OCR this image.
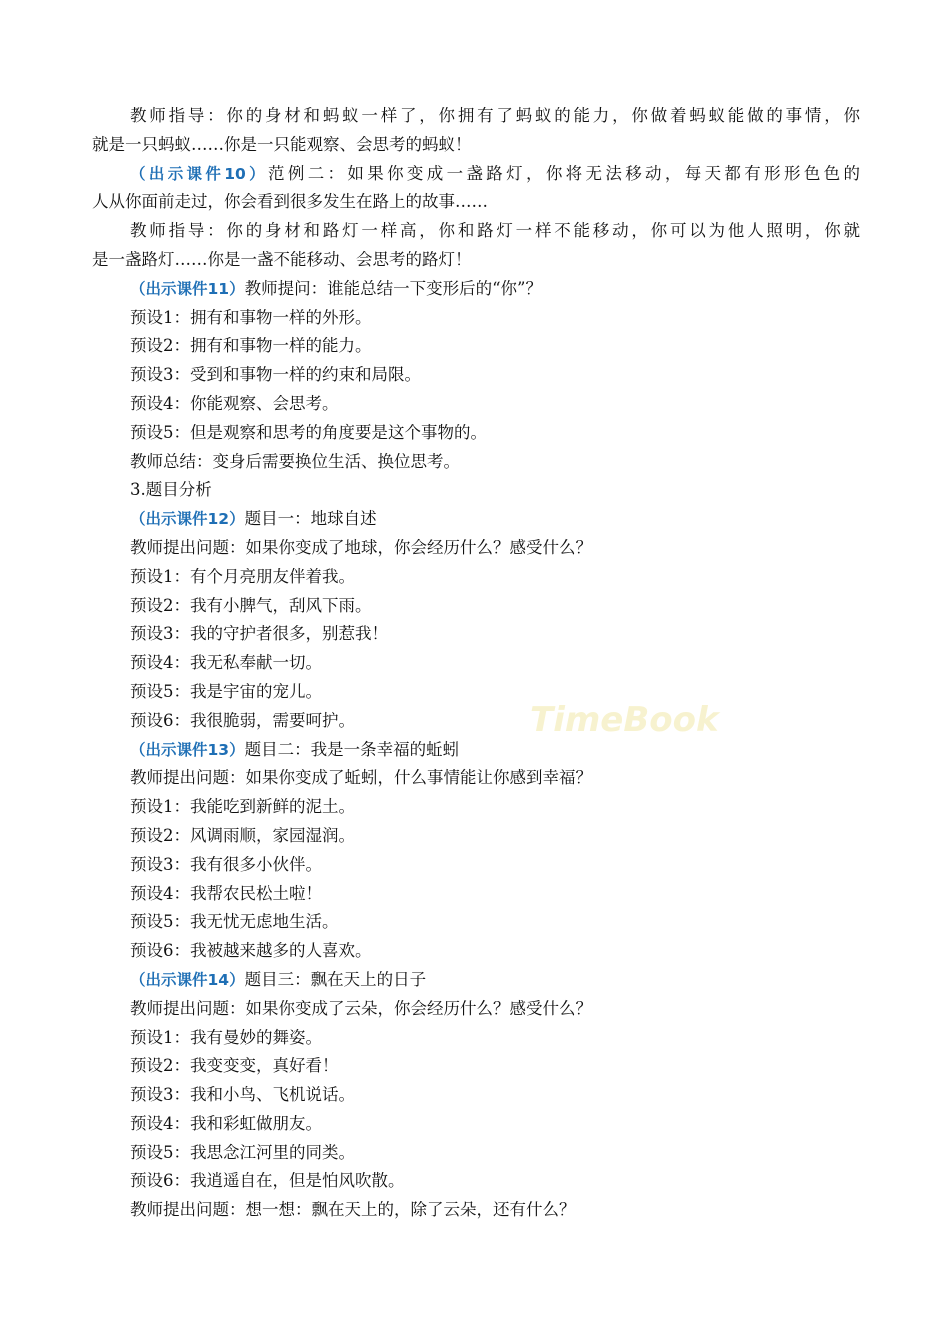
TimeBook
教师指导：你的身材和蚂蚁一样了，你拥有了蚂蚁的能力，你做着蚂蚁能做的事情，你
就是一只蚂蚁……你是一只能观察、会思考的蚂蚁！
（出示课件10）范例二：如果你变成一盏路灯，你将无法移动，每天都有形形色色的
人从你面前走过，你会看到很多发生在路上的故事……
教师指导：你的身材和路灯一样高，你和路灯一样不能移动，你可以为他人照明，你就
是一盏路灯……你是一盏不能移动、会思考的路灯！
（出示课件11）教师提问：谁能总结一下变形后的“你”？
预设1：拥有和事物一样的外形。
预设2：拥有和事物一样的能力。
预设3：受到和事物一样的约束和局限。
预设4：你能观察、会思考。
预设5：但是观察和思考的角度要是这个事物的。
教师总结：变身后需要换位生活、换位思考。
3.题目分析
（出示课件12）题目一：地球自述
教师提出问题：如果你变成了地球，你会经历什么？感受什么？
预设1：有个月亮朋友伴着我。
预设2：我有小脾气，刮风下雨。
预设3：我的守护者很多，别惹我！
预设4：我无私奉献一切。
预设5：我是宇宙的宠儿。
预设6：我很脆弱，需要呵护。
（出示课件13）题目二：我是一条幸福的蚯蚓
教师提出问题：如果你变成了蚯蚓，什么事情能让你感到幸福？
预设1：我能吃到新鲜的泥土。
预设2：风调雨顺，家园湿润。
预设3：我有很多小伙伴。
预设4：我帮农民松土啦！
预设5：我无忧无虑地生活。
预设6：我被越来越多的人喜欢。
（出示课件14）题目三：飘在天上的日子
教师提出问题：如果你变成了云朵，你会经历什么？感受什么？
预设1：我有曼妙的舞姿。
预设2：我变变变，真好看！
预设3：我和小鸟、飞机说话。
预设4：我和彩虹做朋友。
预设5：我思念江河里的同类。
预设6：我逍遥自在，但是怕风吹散。
教师提出问题：想一想：飘在天上的，除了云朵，还有什么？
